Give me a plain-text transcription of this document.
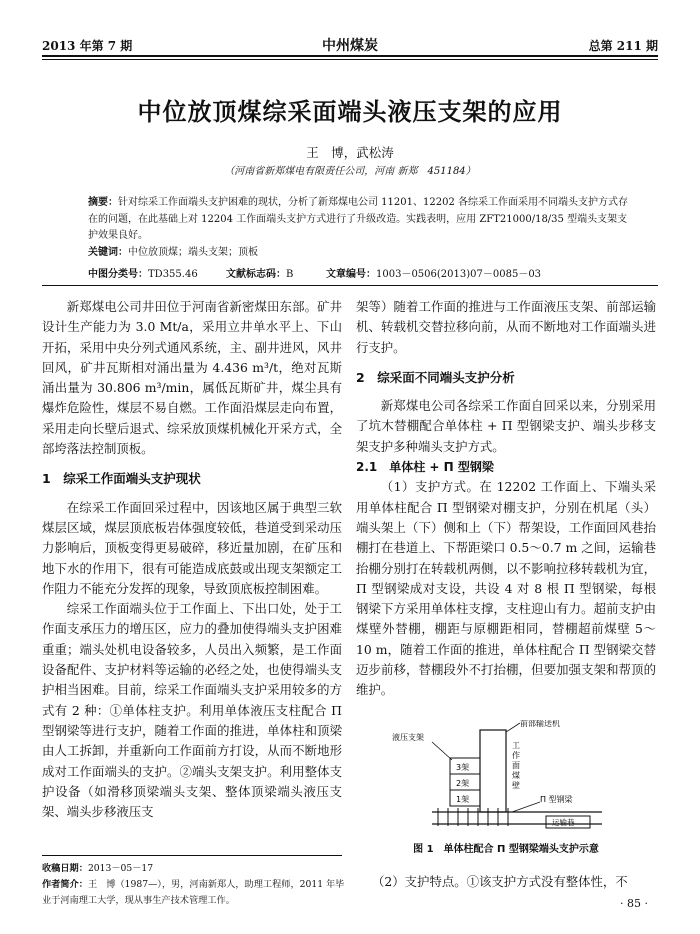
2013 年第 7 期	中州煤炭	总第 211 期
中位放顶煤综采面端头液压支架的应用
王　博，武松涛
（河南省新郑煤电有限责任公司，河南 新郑　451184）
摘要：针对综采工作面端头支护困难的现状，分析了新郑煤电公司 11201、12202 各综采工作面采用不同端头支护方式存在的问题，在此基础上对 12204 工作面端头支护方式进行了升级改造。实践表明，应用 ZFT21000/18/35 型端头支架支护效果良好。
关键词：中位放顶煤；端头支架；顶板
中图分类号：TD355.46	文献标志码：B	文章编号：1003－0506(2013)07－0085－03

新郑煤电公司井田位于河南省新密煤田东部。矿井设计生产能力为 3.0 Mt/a，采用立井单水平上、下山开拓，采用中央分列式通风系统，主、副井进风，风井回风，矿井瓦斯相对涌出量为 4.436 m³/t，绝对瓦斯涌出量为 30.806 m³/min，属低瓦斯矿井，煤尘具有爆炸危险性，煤层不易自燃。工作面沿煤层走向布置，采用走向长壁后退式、综采放顶煤机械化开采方式，全部垮落法控制顶板。

1　综采工作面端头支护现状

在综采工作面回采过程中，因该地区属于典型三软煤层区域，煤层顶底板岩体强度较低，巷道受到采动压力影响后，顶板变得更易破碎，移近量加剧，在矿压和地下水的作用下，很有可能造成底鼓或出现支架额定工作阻力不能充分发挥的现象，导致顶底板控制困难。

综采工作面端头位于工作面上、下出口处，处于工作面支承压力的增压区，应力的叠加使得端头支护困难重重；端头处机电设备较多，人员出入频繁，是工作面设备配件、支护材料等运输的必经之处，也使得端头支护相当困难。目前，综采工作面端头支护采用较多的方式有 2 种：①单体柱支护。利用单体液压支柱配合 Π 型钢梁等进行支护，随着工作面的推进，单体柱和顶梁由人工拆卸，并重新向工作面前方打设，从而不断地形成对工作面端头的支护。②端头支架支护。利用整体支护设备（如滑移顶梁端头支架、整体顶梁端头液压支架、端头步移液压支

架等）随着工作面的推进与工作面液压支架、前部运输机、转载机交替拉移向前，从而不断地对工作面端头进行支护。

2　综采面不同端头支护分析

新郑煤电公司各综采工作面自回采以来，分别采用了坑木替棚配合单体柱 + Π 型钢梁支护、端头步移支架支护多种端头支护方式。

2.1　单体柱 + Π 型钢梁

（1）支护方式。在 12202 工作面上、下端头采用单体柱配合 Π 型钢梁对棚支护，分别在机尾（头）端头架上（下）侧和上（下）帮架设，工作面回风巷抬棚打在巷道上、下帮距梁口 0.5～0.7 m 之间，运输巷抬棚分别打在转载机两侧，以不影响拉移转载机为宜，Π 型钢梁成对支设，共设 4 对 8 根 Π 型钢梁，每根钢梁下方采用单体柱支撑，支柱迎山有力。超前支护由煤壁外替棚，棚距与原棚距相同，替棚超前煤壁 5～10 m，随着工作面的推进，单体柱配合 Π 型钢梁交替迈步前移，替棚段外不打抬棚，但要加强支架和帮顶的维护。

前部输送机
3架
2架
1架
液压支架
工作面煤壁
运输巷
Π 型钢梁
图 1　单体柱配合 Π 型钢梁端头支护示意
（2）支护特点。①该支护方式没有整体性，不
收稿日期：2013－05－17
作者简介：王　博（1987—），男，河南新郑人，助理工程师，2011 年毕业于河南理工大学，现从事生产技术管理工作。	· 85 ·
